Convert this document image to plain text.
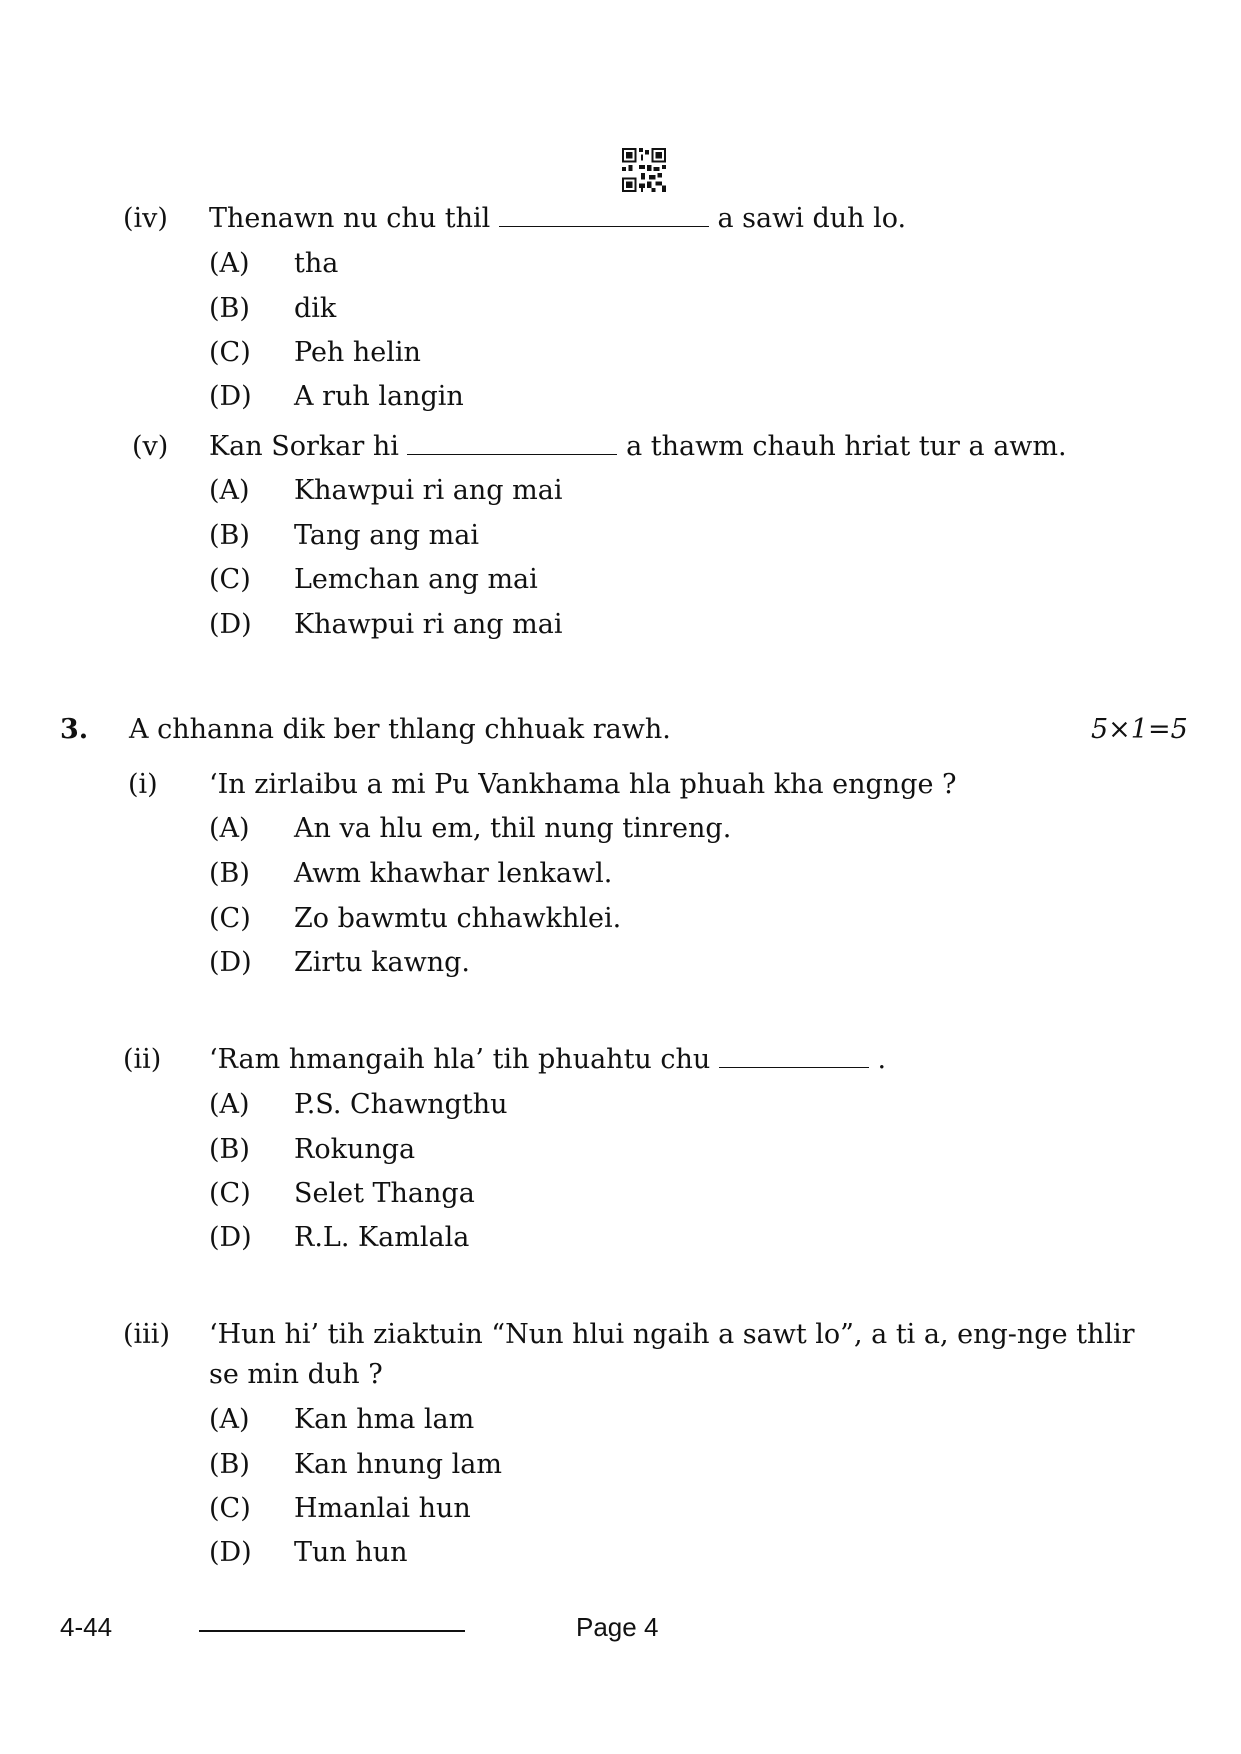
(iv) Thenawn nu chu thil	a sawi duh lo.
(A) tha
(B) dik
(C) Peh helin
(D) A ruh langin
(v) Kan Sorkar hi	a thawm chauh hriat tur a awm.
(A) Khawpui ri ang mai
(B) Tang ang mai
(C) Lemchan ang mai
(D) Khawpui ri ang mai
3. A chhanna dik ber thlang chhuak rawh.	5×1=5
(i) ‘In zirlaibu a mi Pu Vankhama hla phuah kha engnge ?
(A) An va hlu em, thil nung tinreng.
(B) Awm khawhar lenkawl.
(C) Zo bawmtu chhawkhlei.
(D) Zirtu kawng.
(ii) ‘Ram hmangaih hla’ tih phuahtu chu	.
(A) P.S. Chawngthu
(B) Rokunga
(C) Selet Thanga
(D) R.L. Kamlala
(iii) ‘Hun hi’ tih ziaktuin “Nun hlui ngaih a sawt lo”, a ti a, eng-nge thlir
se min duh ?
(A) Kan hma lam
(B) Kan hnung lam
(C) Hmanlai hun
(D) Tun hun
4-44	Page 4
